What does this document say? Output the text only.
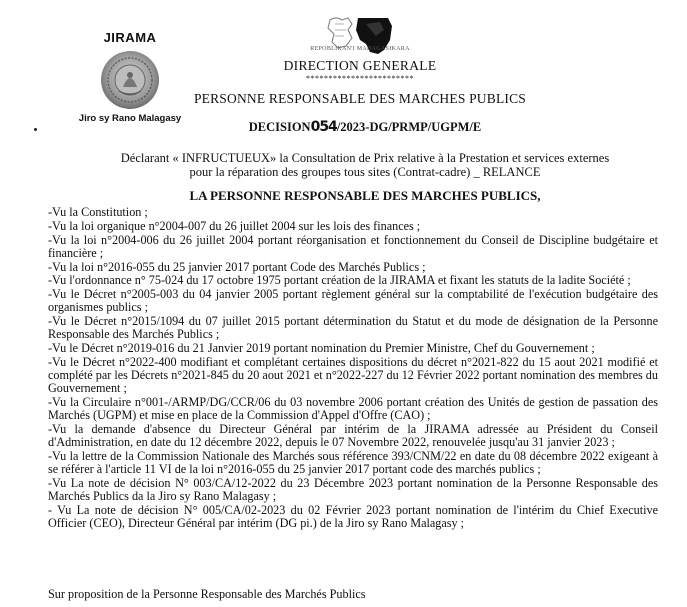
JIRAMA
Jiro sy Rano Malagasy
REPOBLIKAN'I MADAGASIKARA
DIRECTION GENERALE
************************
PERSONNE RESPONSABLE DES MARCHES PUBLICS
DECISION054/2023-DG/PRMP/UGPM/E
Déclarant « INFRUCTUEUX» la Consultation de Prix relative à la Prestation et services externes
pour la réparation des groupes tous sites (Contrat-cadre) _ RELANCE
LA PERSONNE RESPONSABLE DES MARCHES PUBLICS,
-Vu la Constitution ;
-Vu la loi organique n°2004-007 du 26 juillet 2004 sur les lois des finances ;
-Vu la loi n°2004-006 du 26 juillet 2004 portant réorganisation et fonctionnement du Conseil de Discipline budgétaire et financière ;
-Vu la loi n°2016-055 du 25 janvier 2017 portant Code des Marchés Publics ;
-Vu l'ordonnance n° 75-024 du 17 octobre 1975 portant création de la JIRAMA et fixant les statuts de la ladite Société ;
-Vu le Décret n°2005-003 du 04 janvier 2005 portant règlement général sur la comptabilité de l'exécution budgétaire des organismes publics ;
-Vu le Décret n°2015/1094 du 07 juillet 2015 portant détermination du Statut et du mode de désignation de la Personne Responsable des Marchés Publics ;
-Vu le Décret n°2019-016 du 21 Janvier 2019 portant nomination du Premier Ministre, Chef du Gouvernement ;
-Vu le Décret n°2022-400 modifiant et complétant certaines dispositions du décret n°2021-822 du 15 aout 2021 modifié et complété par les Décrets n°2021-845 du 20 aout 2021 et n°2022-227 du 12 Février 2022 portant nomination des membres du Gouvernement ;
-Vu la Circulaire n°001-/ARMP/DG/CCR/06 du 03 novembre 2006 portant création des Unités de gestion de passation des Marchés (UGPM) et mise en place de la Commission d'Appel d'Offre (CAO) ;
-Vu la demande d'absence du Directeur Général par intérim de la JIRAMA adressée au Président du Conseil d'Administration, en date du 12 décembre 2022, depuis le 07 Novembre 2022, renouvelée jusqu'au 31 janvier 2023 ;
-Vu la lettre de la Commission Nationale des Marchés sous référence 393/CNM/22 en date du 08 décembre 2022 exigeant à se référer à l'article 11 VI de la loi n°2016-055 du 25 janvier 2017 portant code des marchés publics ;
-Vu La note de décision N° 003/CA/12-2022 du 23 Décembre 2023 portant nomination de la Personne Responsable des Marchés Publics da la Jiro sy Rano Malagasy ;
- Vu La note de décision N° 005/CA/02-2023 du 02 Février 2023 portant nomination de l'intérim du Chief Executive Officier (CEO), Directeur Général par intérim (DG pi.) de la Jiro sy Rano Malagasy ;
Sur proposition de la Personne Responsable des Marchés Publics
